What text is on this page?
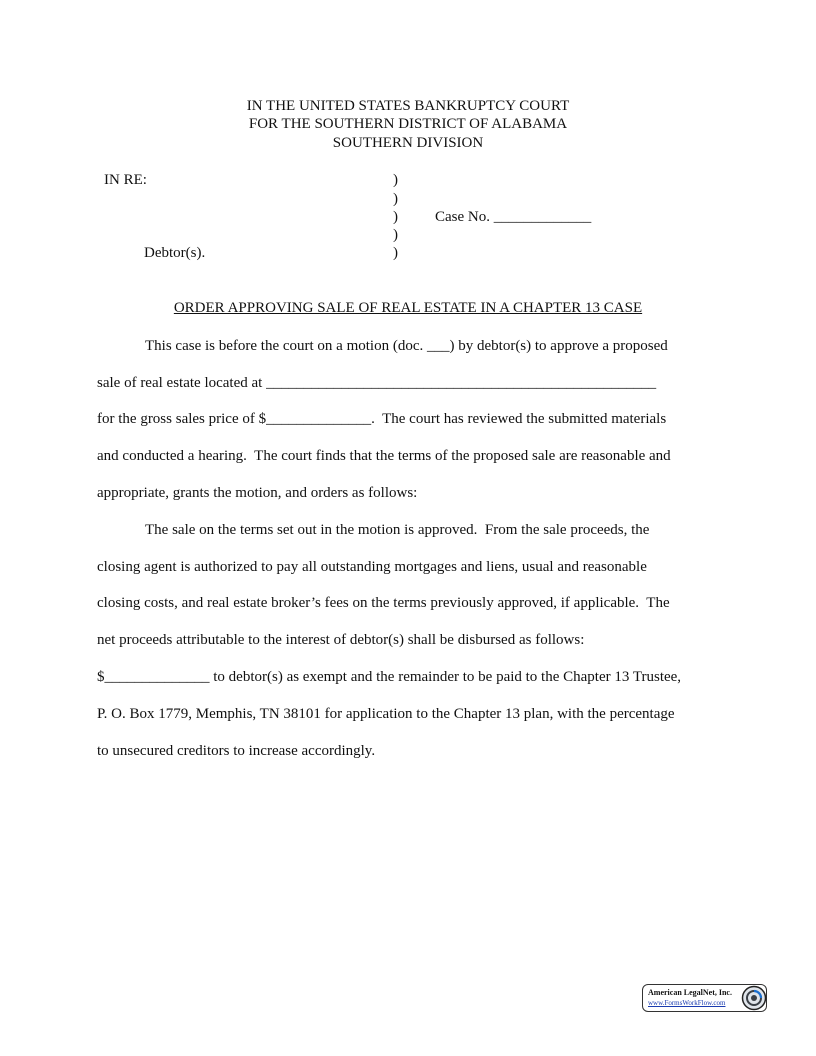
IN THE UNITED STATES BANKRUPTCY COURT
FOR THE SOUTHERN DISTRICT OF ALABAMA
SOUTHERN DIVISION
IN RE:
Debtor(s).
)
)
)
)
)
Case No. _____________
ORDER APPROVING SALE OF REAL ESTATE IN A CHAPTER 13 CASE
This case is before the court on a motion (doc. ___) by debtor(s) to approve a proposed
sale of real estate located at ____________________________________________________
for the gross sales price of $______________.  The court has reviewed the submitted materials
and conducted a hearing.  The court finds that the terms of the proposed sale are reasonable and
appropriate, grants the motion, and orders as follows:
The sale on the terms set out in the motion is approved.  From the sale proceeds, the
closing agent is authorized to pay all outstanding mortgages and liens, usual and reasonable
closing costs, and real estate broker’s fees on the terms previously approved, if applicable.  The
net proceeds attributable to the interest of debtor(s) shall be disbursed as follows:
$______________ to debtor(s) as exempt and the remainder to be paid to the Chapter 13 Trustee,
P. O. Box 1779, Memphis, TN 38101 for application to the Chapter 13 plan, with the percentage
to unsecured creditors to increase accordingly.
American LegalNet, Inc.
www.FormsWorkFlow.com
